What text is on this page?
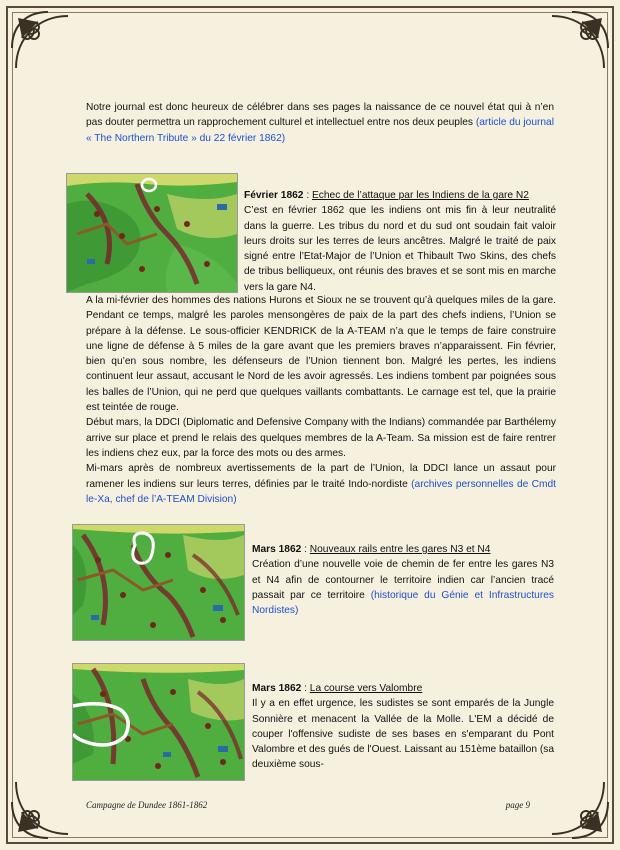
Notre journal est donc heureux de célébrer dans ses pages la naissance de ce nouvel état qui à n’en pas douter permettra un rapprochement culturel et intellectuel entre nos deux peuples (article du journal « The Northern Tribute » du 22 février 1862)

Février 1862 : Echec de l’attaque par les Indiens de la gare N2
C’est en février 1862 que les indiens ont mis fin à leur neutralité dans la guerre. Les tribus du nord et du sud ont soudain fait valoir leurs droits sur les terres de leurs ancêtres. Malgré le traité de paix signé entre l’Etat-Major de l’Union et Thibault Two Skins, des chefs de tribus belliqueux, ont réunis des braves et se sont mis en marche vers la gare N4.

A la mi-février des hommes des nations Hurons et Sioux ne se trouvent qu’à quelques miles de la gare. Pendant ce temps, malgré les paroles mensongères de paix de la part des chefs indiens, l’Union se prépare à la défense. Le sous-officier KENDRICK de la A-TEAM n’a que le temps de faire construire une ligne de défense à 5 miles de la gare avant que les premiers braves n’apparaissent. Fin février, bien qu’en sous nombre, les défenseurs de l’Union tiennent bon. Malgré les pertes, les indiens continuent leur assaut, accusant le Nord de les avoir agressés. Les indiens tombent par poignées sous les balles de l’Union, qui ne perd que quelques vaillants combattants. Le carnage est tel, que la prairie est teintée de rouge.
Début mars, la DDCI (Diplomatic and Defensive Company with the Indians) commandée par Barthélemy arrive sur place et prend le relais des quelques membres de la A-Team. Sa mission est de faire rentrer les indiens chez eux, par la force des mots ou des armes.
Mi-mars après de nombreux avertissements de la part de l’Union, la DDCI lance un assaut pour ramener les indiens sur leurs terres, définies par le traité Indo-nordiste (archives personnelles de Cmdt le-Xa, chef de l’A-TEAM Division)

Mars 1862 : Nouveaux rails entre les gares N3 et N4
Création d’une nouvelle voie de chemin de fer entre les gares N3 et N4 afin de contourner le territoire indien car l’ancien tracé passait par ce territoire (historique du Génie et Infrastructures Nordistes)

Mars 1862 : La course vers Valombre
Il y a en effet urgence, les sudistes se sont emparés de la Jungle Sonnière et menacent la Vallée de la Molle. L'EM a décidé de couper l'offensive sudiste de ses bases en s'emparant du Pont Valombre et des gués de l'Ouest. Laissant au 151ème bataillon (sa deuxième sous-

Campagne de Dundee 1861-1862	page 9
